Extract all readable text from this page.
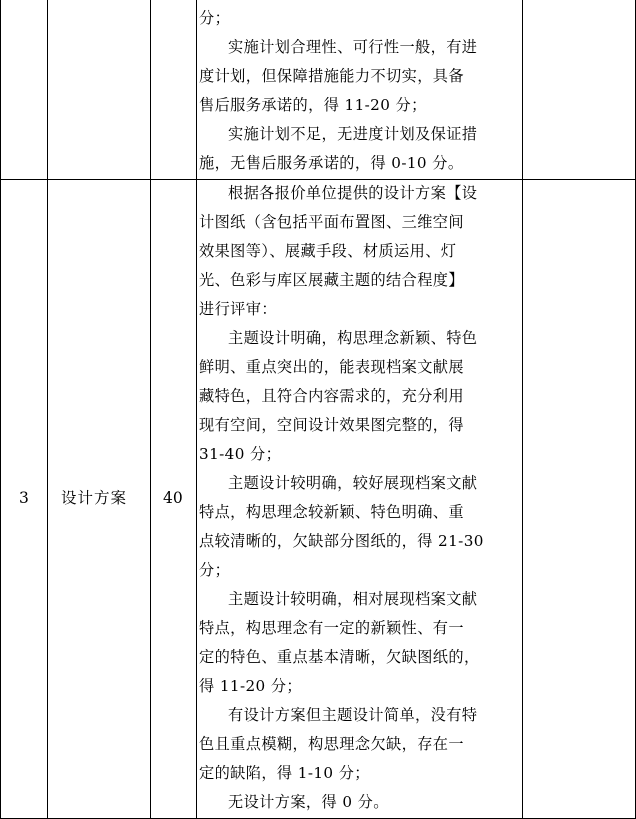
分；
实施计划合理性、可行性一般，有进
度计划，但保障措施能力不切实，具备
售后服务承诺的，得 11-20 分；
实施计划不足，无进度计划及保证措
施，无售后服务承诺的，得 0-10 分。
3 设计方案 40
根据各报价单位提供的设计方案【设
计图纸（含包括平面布置图、三维空间
效果图等）、展藏手段、材质运用、灯
光、色彩与库区展藏主题的结合程度】
进行评审：
主题设计明确，构思理念新颖、特色
鲜明、重点突出的，能表现档案文献展
藏特色，且符合内容需求的，充分利用
现有空间，空间设计效果图完整的，得
31-40 分；
主题设计较明确，较好展现档案文献
特点，构思理念较新颖、特色明确、重
点较清晰的，欠缺部分图纸的，得 21-30
分；
主题设计较明确，相对展现档案文献
特点，构思理念有一定的新颖性、有一
定的特色、重点基本清晰，欠缺图纸的，
得 11-20 分；
有设计方案但主题设计简单，没有特
色且重点模糊，构思理念欠缺，存在一
定的缺陷，得 1-10 分；
无设计方案，得 0 分。
